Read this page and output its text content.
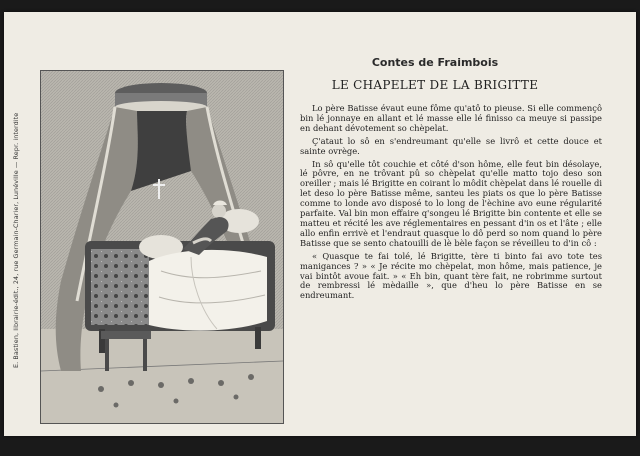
E. Bastien, librairie-édit., 24, rue Germain-Charier, Lunéville — Repr. interdite
Contes de Fraimbois
LE CHAPELET DE LA BRIGITTE

Lo père Batisse évaut eune fôme qu'atô to pieuse. Si elle commençô bin lé jonnaye en allant et lé masse elle lé finisso ca meuye si passipe en dehant dévotement so chèpelat.

Ç'ataut lo sô en s'endreumant qu'elle se livrô et cette douce et sainte ovrège.

In sô qu'elle tôt couchie et côté d'son hôme, elle feut bin désolaye, lé pôvre, en ne trôvant pû so chèpelat qu'elle matto tojo deso son oreiller ; mais lé Brigitte en coirant lo môdit chèpelat dans lé rouelle di let deso lo père Batisse même, santeu les piats os que lo père Batisse comme to londe avo disposé to lo long de l'èchine avo eune régularité parfaite. Val bin mon effaire q'songeu lé Brigitte bin contente et elle se matteu et récité les ave réglementaires en pessant d'in os et l'âte ; elle allo enfin errivè et l'endraut quasque lo dô perd so nom quand lo père Batisse que se sento chatouilli de lè bèle façon se réveilleu to d'in cô :

« Quasque te fai tolé, lé Brigitte, tère ti binto fai avo tote tes manigances ? » « Je récite mo chèpelat, mon hôme, mais patience, je vai bintôt avoue fait. » « Eh bin, quant tère fait, ne robrimme surtout de rembressi lé mèdaille », que d'heu lo père Batisse en se endreumant.
